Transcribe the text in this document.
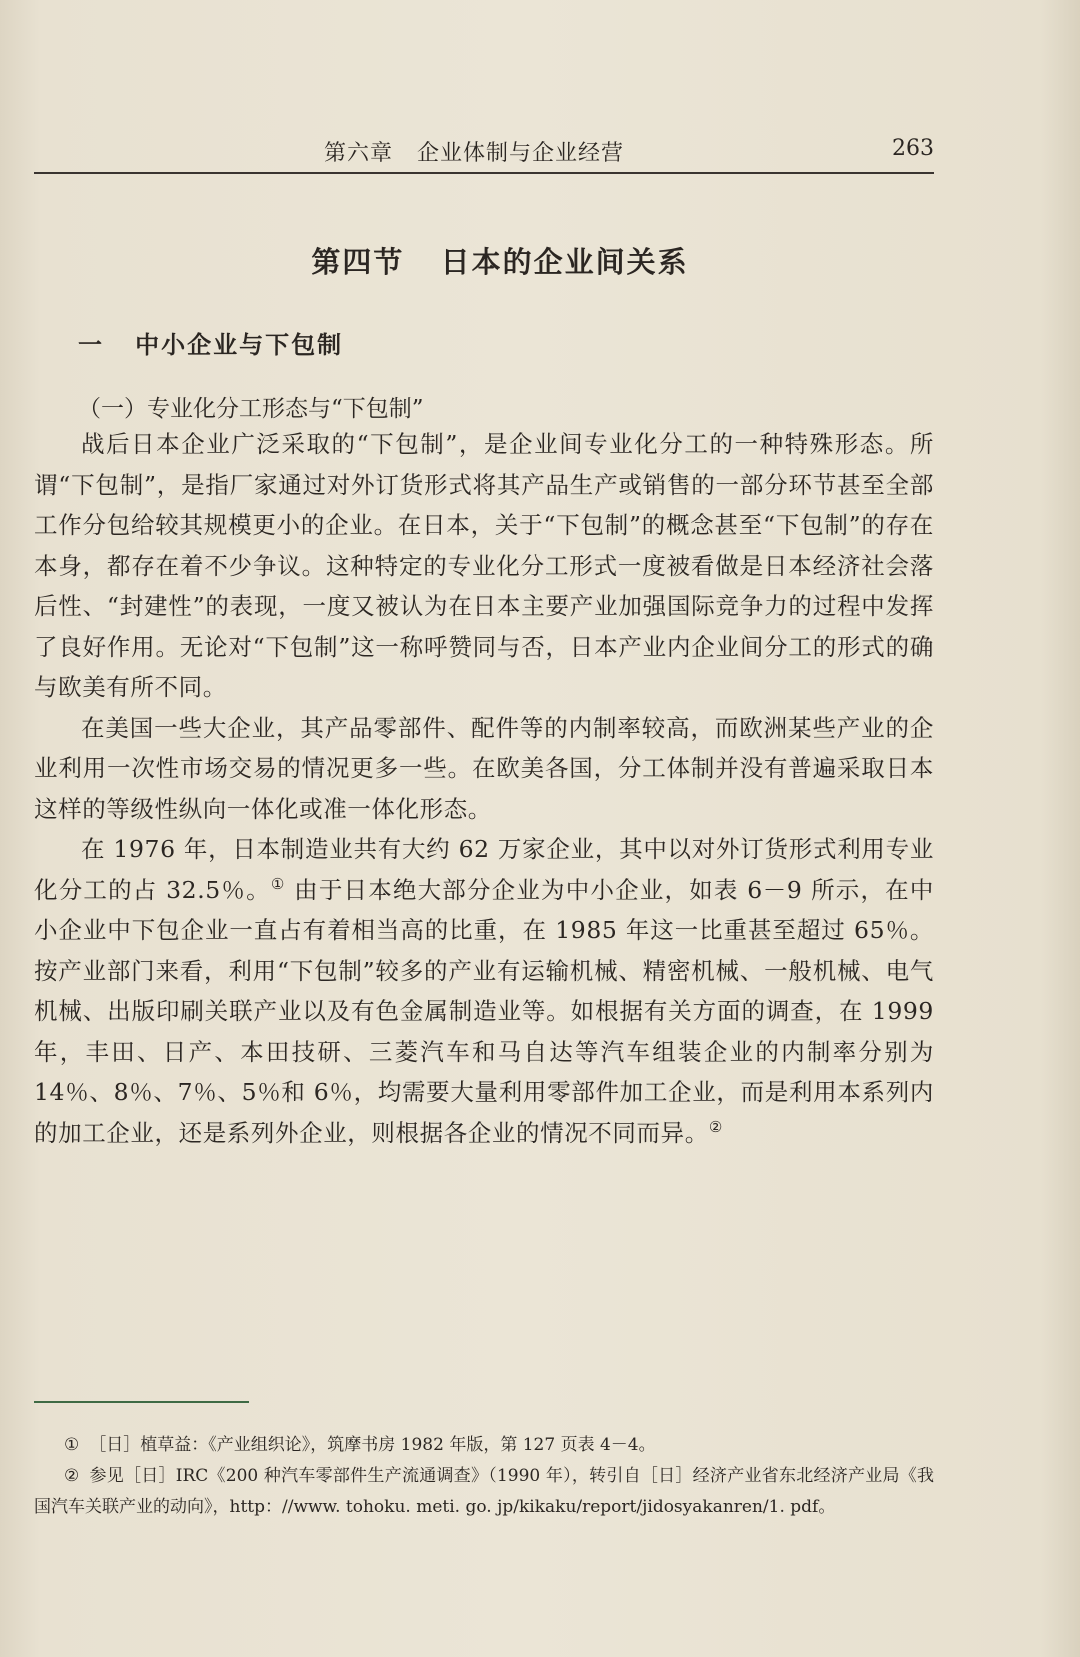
第六章 企业体制与企业经营	263
第四节 日本的企业间关系
一 中小企业与下包制
（一）专业化分工形态与“下包制”

战后日本企业广泛采取的“下包制”，是企业间专业化分工的一种特殊形态。所谓“下包制”，是指厂家通过对外订货形式将其产品生产或销售的一部分环节甚至全部工作分包给较其规模更小的企业。在日本，关于“下包制”的概念甚至“下包制”的存在本身，都存在着不少争议。这种特定的专业化分工形式一度被看做是日本经济社会落后性、“封建性”的表现，一度又被认为在日本主要产业加强国际竞争力的过程中发挥了良好作用。无论对“下包制”这一称呼赞同与否，日本产业内企业间分工的形式的确与欧美有所不同。

在美国一些大企业，其产品零部件、配件等的内制率较高，而欧洲某些产业的企业利用一次性市场交易的情况更多一些。在欧美各国，分工体制并没有普遍采取日本这样的等级性纵向一体化或准一体化形态。

在 1976 年，日本制造业共有大约 62 万家企业，其中以对外订货形式利用专业化分工的占 32.5％。① 由于日本绝大部分企业为中小企业，如表 6－9 所示，在中小企业中下包企业一直占有着相当高的比重，在 1985 年这一比重甚至超过 65％。按产业部门来看，利用“下包制”较多的产业有运输机械、精密机械、一般机械、电气机械、出版印刷关联产业以及有色金属制造业等。如根据有关方面的调查，在 1999 年，丰田、日产、本田技研、三菱汽车和马自达等汽车组装企业的内制率分别为 14％、8％、7％、5％和 6％，均需要大量利用零部件加工企业，而是利用本系列内的加工企业，还是系列外企业，则根据各企业的情况不同而异。②

① ［日］植草益：《产业组织论》，筑摩书房 1982 年版，第 127 页表 4－4。

② 参见［日］IRC《200 种汽车零部件生产流通调查》（1990 年），转引自［日］经济产业省东北经济产业局《我国汽车关联产业的动向》，http：//www. tohoku. meti. go. jp/kikaku/report/jidosyakanren/1. pdf。
